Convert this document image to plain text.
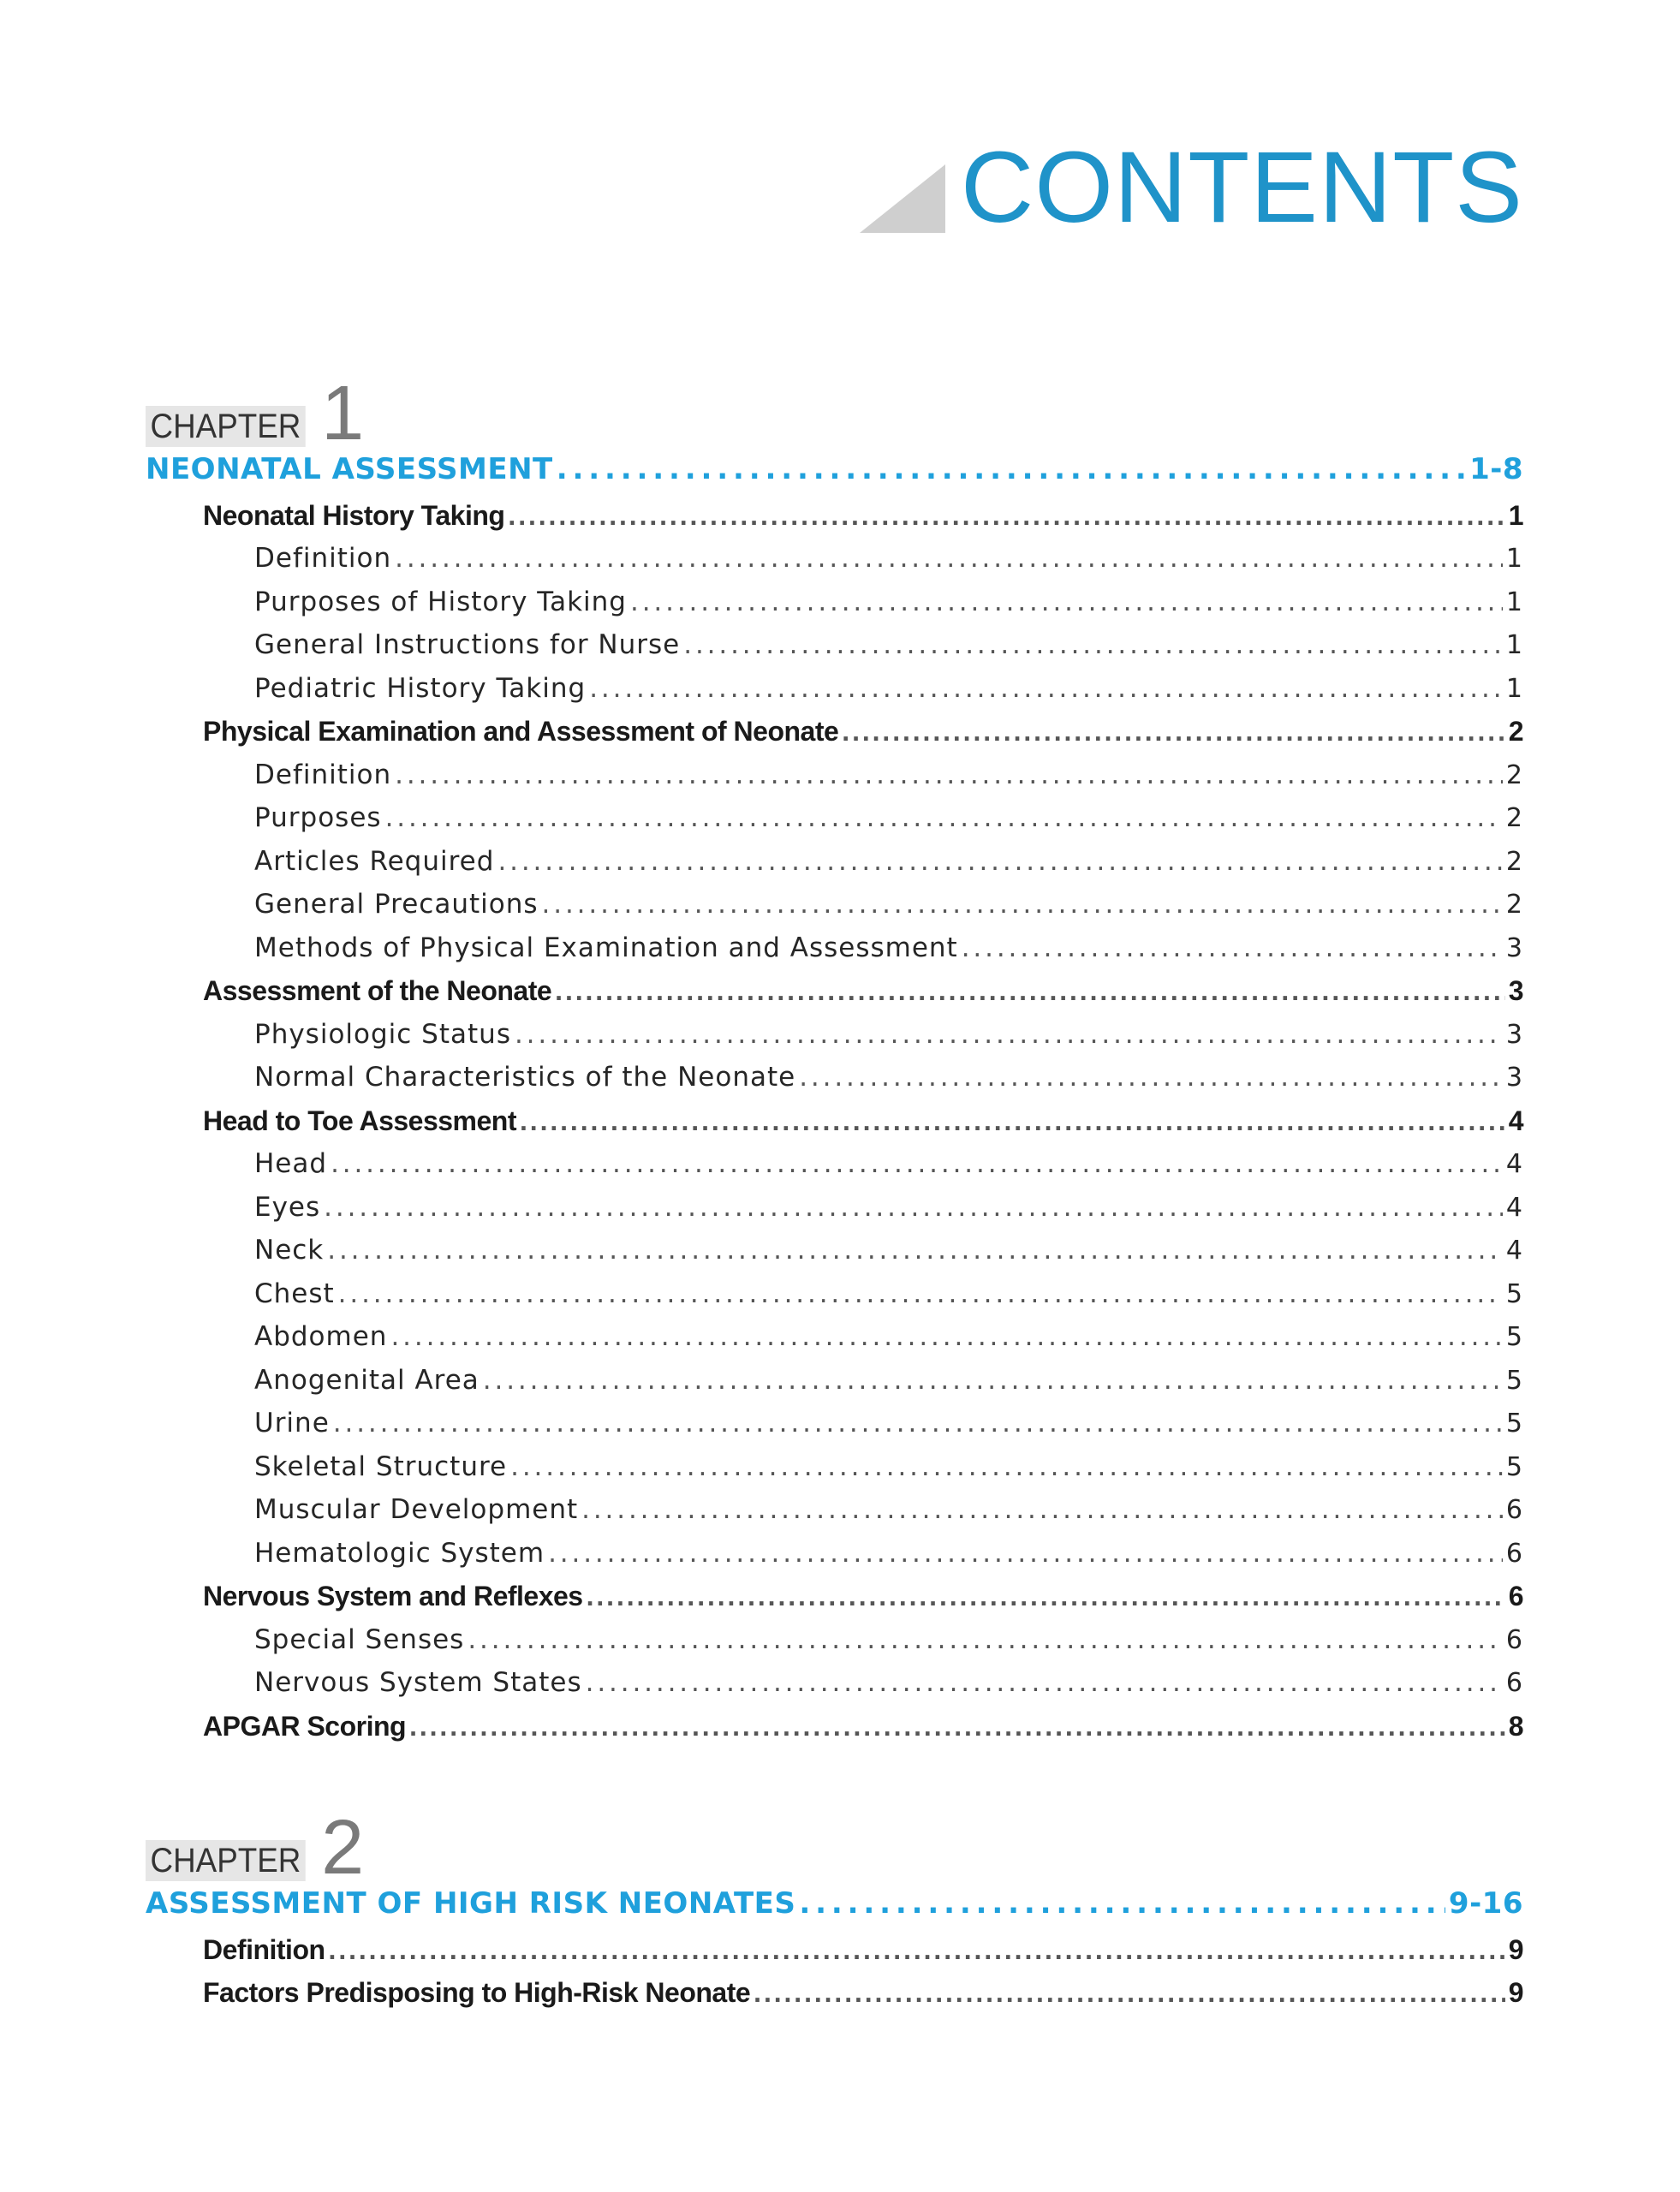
CONTENTS
CHAPTER 1
NEONATAL ASSESSMENT . . .	1-8
Neonatal History Taking . . .	1
Definition . . .	1
Purposes of History Taking . . .	1
General Instructions for Nurse . . .	1
Pediatric History Taking . . .	1
Physical Examination and Assessment of Neonate . . .	2
Definition . . .	2
Purposes . . .	2
Articles Required . . .	2
General Precautions . . .	2
Methods of Physical Examination and Assessment . . .	3
Assessment of the Neonate . . .	3
Physiologic Status . . .	3
Normal Characteristics of the Neonate . . .	3
Head to Toe Assessment . . .	4
Head . . .	4
Eyes . . .	4
Neck . . .	4
Chest . . .	5
Abdomen . . .	5
Anogenital Area . . .	5
Urine . . .	5
Skeletal Structure . . .	5
Muscular Development . . .	6
Hematologic System . . .	6
Nervous System and Reflexes . . .	6
Special Senses . . .	6
Nervous System States . . .	6
APGAR Scoring . . .	8
CHAPTER 2
ASSESSMENT OF HIGH RISK NEONATES . . .	9-16
Definition . . .	9
Factors Predisposing to High-Risk Neonate . . .	9
